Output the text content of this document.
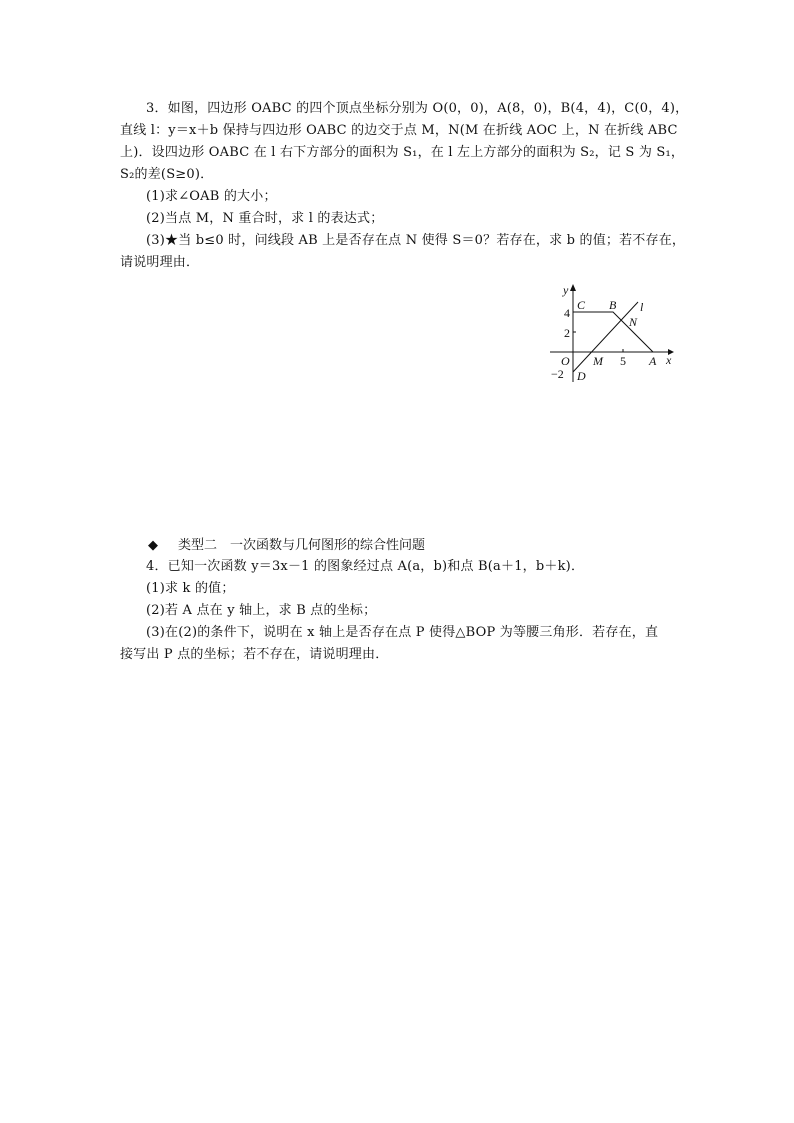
3．如图，四边形 OABC 的四个顶点坐标分别为 O(0，0)，A(8，0)，B(4，4)，C(0，4)，

直线 l：y＝x＋b 保持与四边形 OABC 的边交于点 M，N(M 在折线 AOC 上，N 在折线 ABC

上)．设四边形 OABC 在 l 右下方部分的面积为 S₁，在 l 左上方部分的面积为 S₂，记 S 为 S₁，

S₂的差(S≥0)．

(1)求∠OAB 的大小；

(2)当点 M，N 重合时，求 l 的表达式；

(3)★当 b≤0 时，问线段 AB 上是否存在点 N 使得 S＝0？若存在，求 b 的值；若不存在，

请说明理由．

y
x
C B l
N
O M	A
D
4
2
5
−2
◆ 类型二　一次函数与几何图形的综合性问题

4．已知一次函数 y＝3x－1 的图象经过点 A(a，b)和点 B(a＋1，b＋k)．

(1)求 k 的值；

(2)若 A 点在 y 轴上，求 B 点的坐标；

(3)在(2)的条件下，说明在 x 轴上是否存在点 P 使得△BOP 为等腰三角形．若存在，直

接写出 P 点的坐标；若不存在，请说明理由．
